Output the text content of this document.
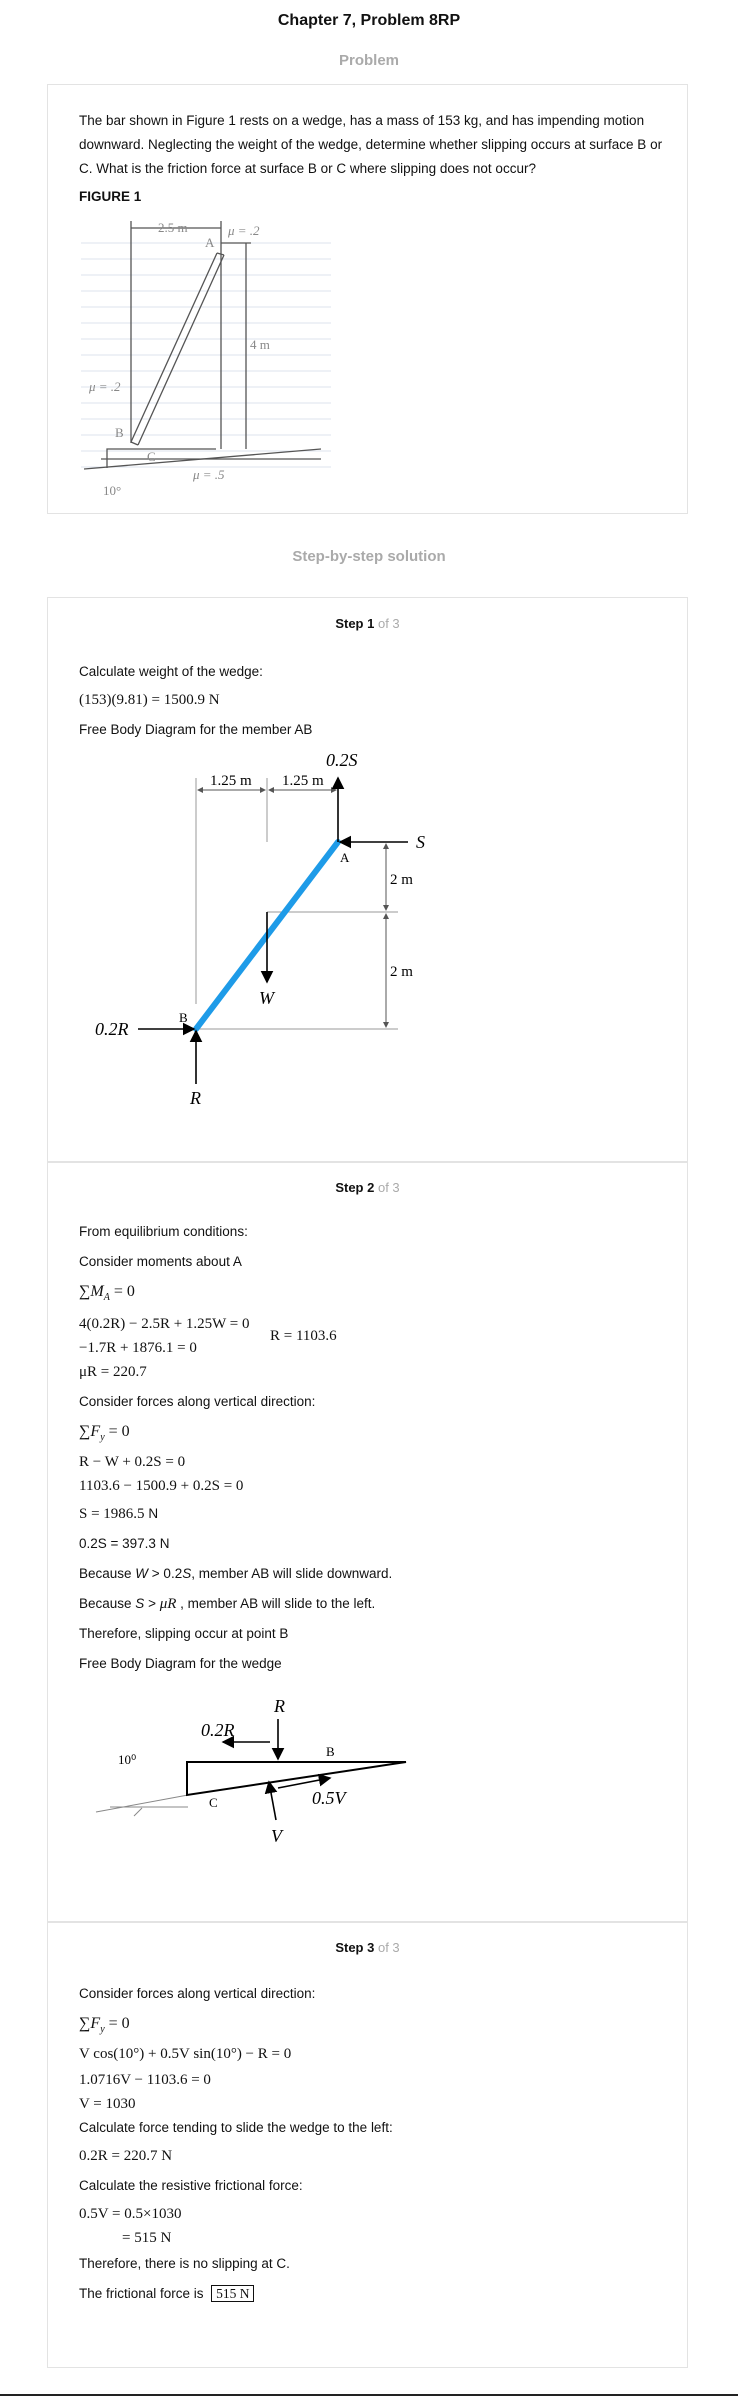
Chapter 7, Problem 8RP
Problem
The bar shown in Figure 1 rests on a wedge, has a mass of 153 kg, and has impending motion downward. Neglecting the weight of the wedge, determine whether slipping occurs at surface B or C. What is the friction force at surface B or C where slipping does not occur?
FIGURE 1
2.5 m	μ = .2
A
4 m
μ = .2
B
C
μ = .5
10°
Step-by-step solution
Step 1 of 3
Calculate weight of the wedge:
(153)(9.81) = 1500.9 N
Free Body Diagram for the member AB
0.2S
1.25 m 1.25 m
S
A
2 m
2 m
W
B
0.2R
R
Step 2 of 3
From equilibrium conditions:
Consider moments about A
$\sum M_A = 0$
4(0.2R) − 2.5R + 1.25W = 0
R = 1103.6
−1.7R + 1876.1 = 0
μR = 220.7
Consider forces along vertical direction:
$\sum F_y = 0$
R − W + 0.2S = 0
1103.6 − 1500.9 + 0.2S = 0
S = 1986.5 N
0.2S = 397.3 N
Because W > 0.2S, member AB will slide downward.
Because S > μR , member AB will slide to the left.
Therefore, slipping occur at point B
Free Body Diagram for the wedge
R
0.2R
B
10⁰
C	0.5V
V
Step 3 of 3
Consider forces along vertical direction:
$\sum F_y = 0$
V cos(10°) + 0.5V sin(10°) − R = 0
1.0716V − 1103.6 = 0
V = 1030
Calculate force tending to slide the wedge to the left:
0.2R = 220.7 N
Calculate the resistive frictional force:
0.5V = 0.5×1030
= 515 N
Therefore, there is no slipping at C.
The frictional force is 515 N
